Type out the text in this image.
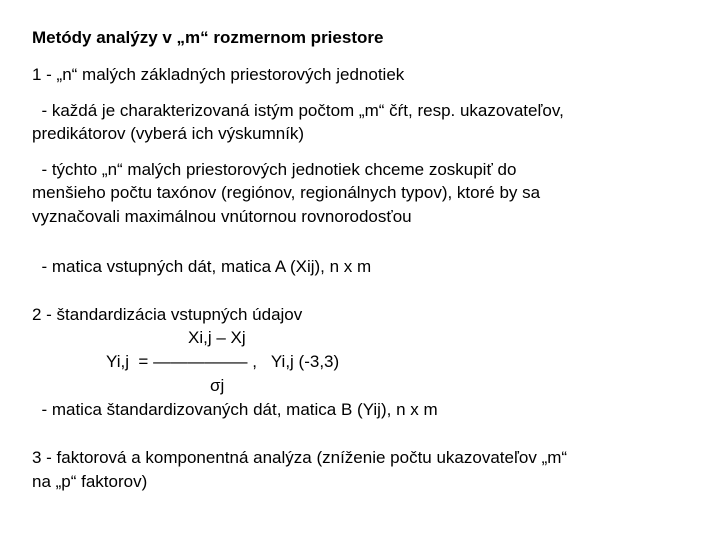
Metódy analýzy v „m“ rozmernom priestore
1 - „n“ malých základných priestorových jednotiek
- každá je charakterizovaná istým počtom „m“ čŕt, resp. ukazovateľov,
predikátorov (vyberá ich výskumník)
- týchto „n“ malých priestorových jednotiek chceme zoskupiť do
menšieho počtu taxónov (regiónov, regionálnych typov), ktoré by sa
vyznačovali maximálnou vnútornou rovnorodosťou
- matica vstupných dát, matica A (Xij), n x m
2 - štandardizácia vstupných údajov
Xi,j – Xj
Yi,j  = ———–—— ,   Yi,j (-3,3)
σj
- matica štandardizovaných dát, matica B (Yij), n x m
3 - faktorová a komponentná analýza (zníženie počtu ukazovateľov „m“
na „p“ faktorov)
